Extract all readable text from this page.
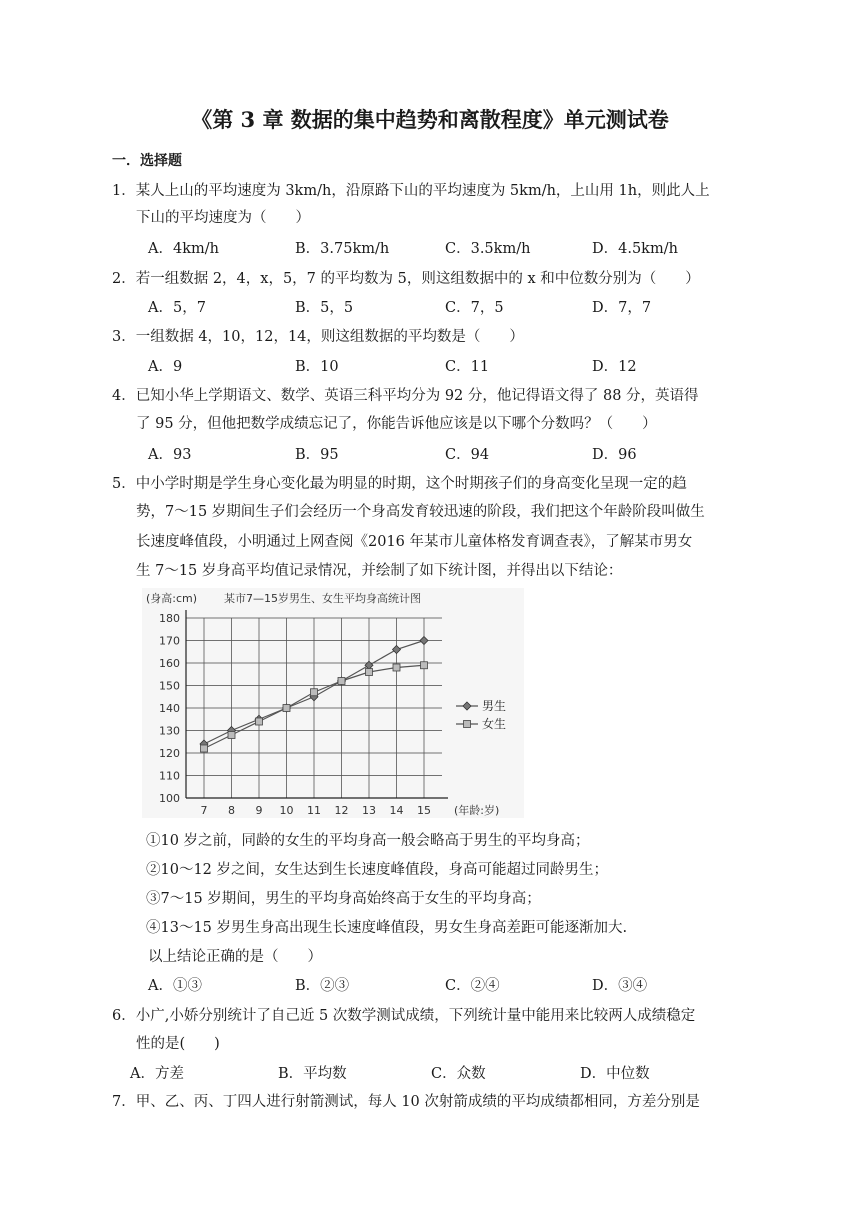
《第 3 章 数据的集中趋势和离散程度》单元测试卷
一．选择题
1．某人上山的平均速度为 3km/h，沿原路下山的平均速度为 5km/h，上山用 1h，则此人上
下山的平均速度为（　　）
A．4km/h	B．3.75km/h	C．3.5km/h	D．4.5km/h
2．若一组数据 2，4，x，5，7 的平均数为 5，则这组数据中的 x 和中位数分别为（　　）
A．5，7	B．5，5	C．7，5	D．7，7
3．一组数据 4，10，12，14，则这组数据的平均数是（　　）
A．9	B．10	C．11	D．12
4．已知小华上学期语文、数学、英语三科平均分为 92 分，他记得语文得了 88 分，英语得
了 95 分，但他把数学成绩忘记了，你能告诉他应该是以下哪个分数吗？（　　）
A．93	B．95	C．94	D．96
5．中小学时期是学生身心变化最为明显的时期，这个时期孩子们的身高变化呈现一定的趋
势，7～15 岁期间生子们会经历一个身高发育较迅速的阶段，我们把这个年龄阶段叫做生
长速度峰值段，小明通过上网查阅《2016 年某市儿童体格发育调查表》，了解某市男女
生 7～15 岁身高平均值记录情况，并绘制了如下统计图，并得出以下结论：
100
110
120
130
140
150
160
170
180
7 8 9 10 11 12 13 14 15
(身高:cm) 某市7—15岁男生、女生平均身高统计图
(年龄:岁)
男生
女生
①10 岁之前，同龄的女生的平均身高一般会略高于男生的平均身高；
②10～12 岁之间，女生达到生长速度峰值段，身高可能超过同龄男生；
③7～15 岁期间，男生的平均身高始终高于女生的平均身高；
④13～15 岁男生身高出现生长速度峰值段，男女生身高差距可能逐渐加大.
以上结论正确的是（　　）
A．①③	B．②③	C．②④	D．③④
6．小广,小娇分别统计了自己近 5 次数学测试成绩，下列统计量中能用来比较两人成绩稳定
性的是(　　)
A．方差	B．平均数	C．众数	D．中位数
7．甲、乙、丙、丁四人进行射箭测试，每人 10 次射箭成绩的平均成绩都相同，方差分别是
